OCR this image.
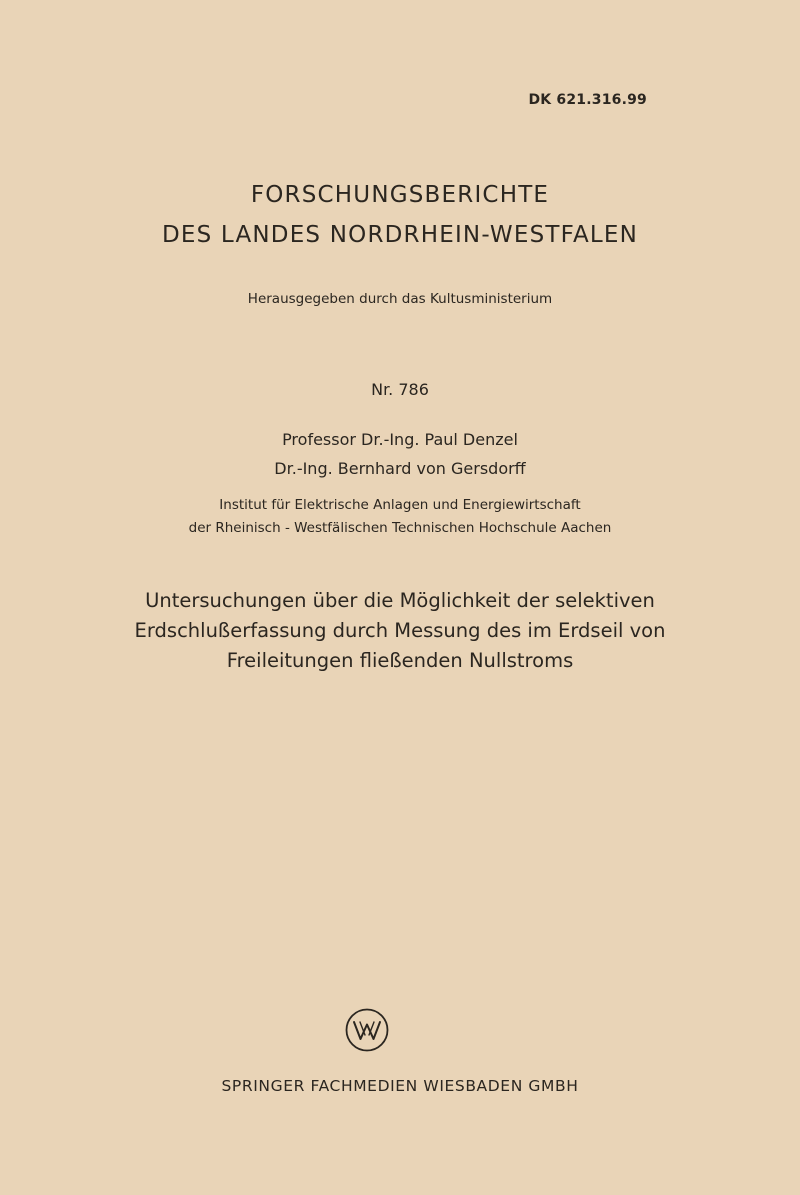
DK 621.316.99
FORSCHUNGSBERICHTE
DES LANDES NORDRHEIN-WESTFALEN
Herausgegeben durch das Kultusministerium
Nr. 786
Professor Dr.-Ing. Paul Denzel
Dr.-Ing. Bernhard von Gersdorff
Institut für Elektrische Anlagen und Energiewirtschaft
der Rheinisch - Westfälischen Technischen Hochschule Aachen
Untersuchungen über die Möglichkeit der selektiven
Erdschlußerfassung durch Messung des im Erdseil von
Freileitungen fließenden Nullstroms
SPRINGER FACHMEDIEN WIESBADEN GMBH
